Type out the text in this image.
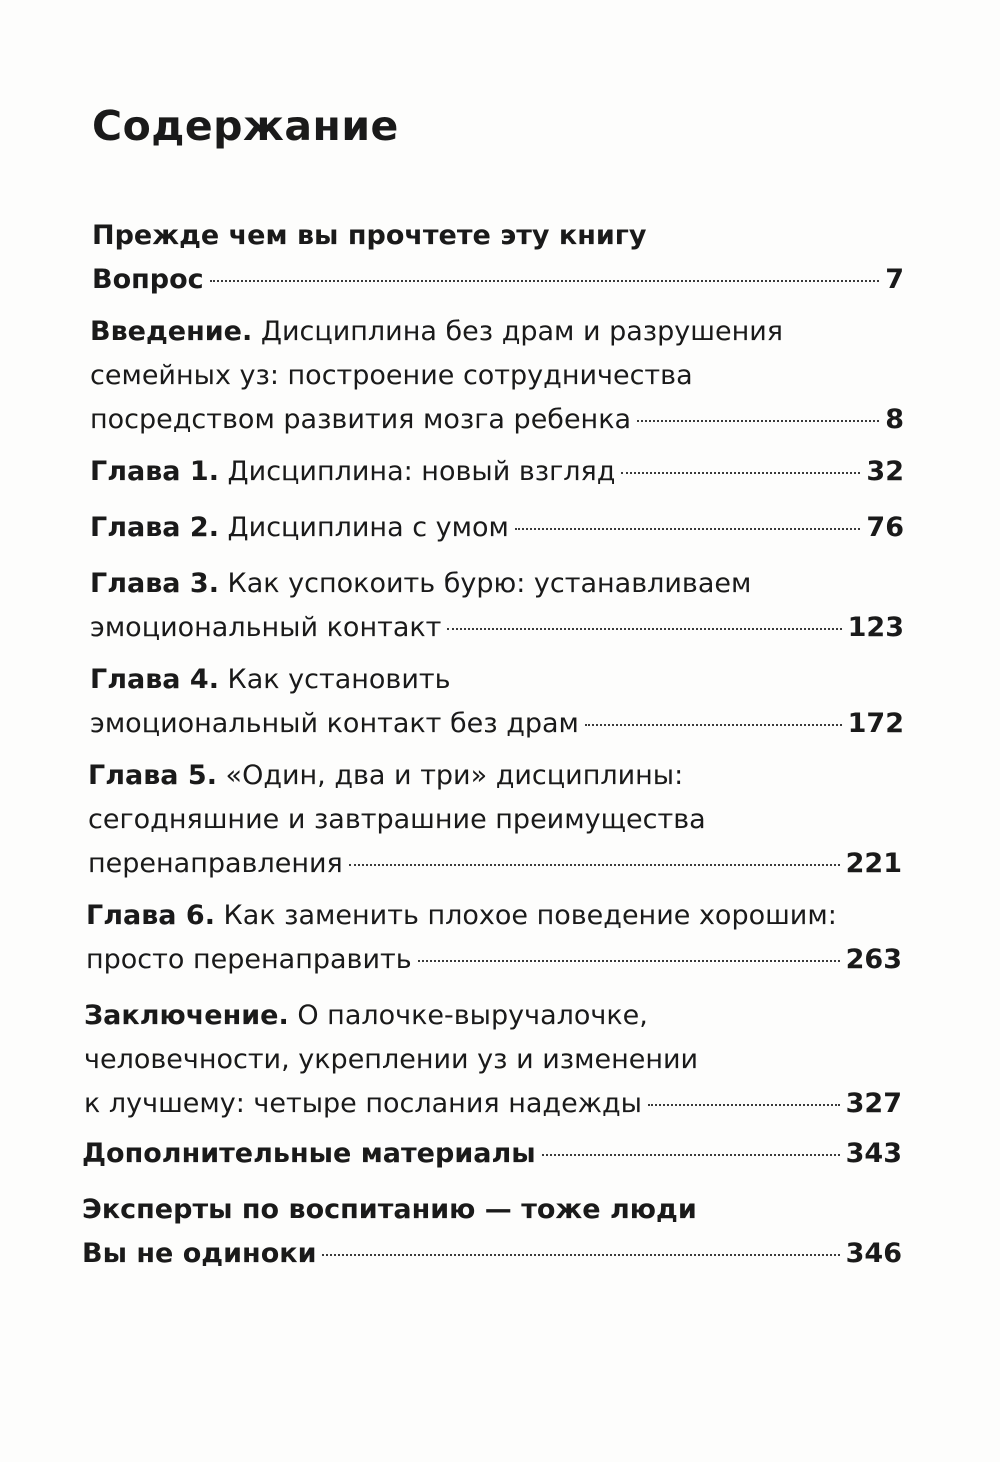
Содержание
Прежде чем вы прочтете эту книгу
Вопрос	7
Введение. Дисциплина без драм и разрушения
семейных уз: построение сотрудничества
посредством развития мозга ребенка	8
Глава 1. Дисциплина: новый взгляд	32
Глава 2. Дисциплина с умом	76
Глава 3. Как успокоить бурю: устанавливаем
эмоциональный контакт	123
Глава 4. Как установить
эмоциональный контакт без драм	172
Глава 5. «Один, два и три» дисциплины:
сегодняшние и завтрашние преимущества
перенаправления	221
Глава 6. Как заменить плохое поведение хорошим:
просто перенаправить	263
Заключение. О палочке-выручалочке,
человечности, укреплении уз и изменении
к лучшему: четыре послания надежды	327
Дополнительные материалы	343
Эксперты по воспитанию — тоже люди
Вы не одиноки	346
